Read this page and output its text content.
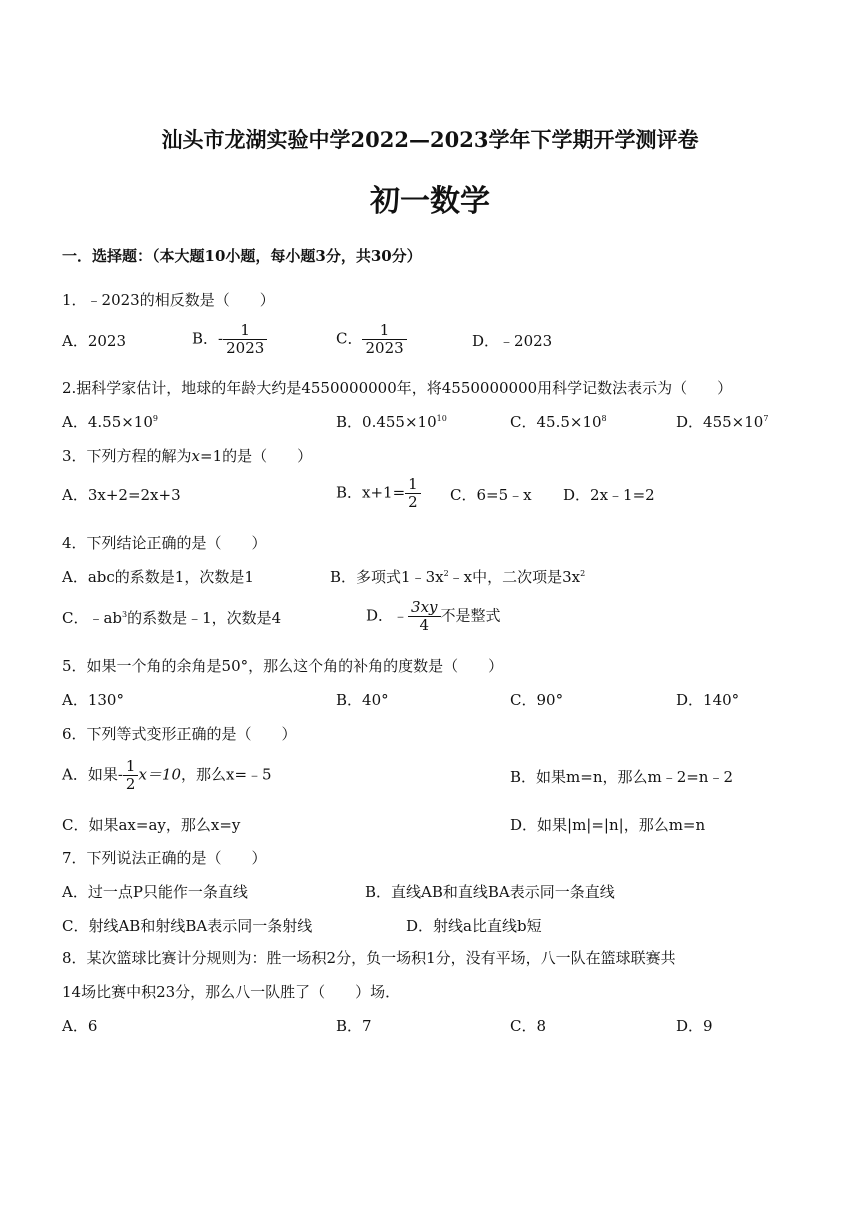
汕头市龙湖实验中学2022—2023学年下学期开学测评卷
初一数学
一．选择题：（本大题10小题，每小题3分，共30分）
1．﹣2023的相反数是（　　）
A．2023	B．- $\frac{1}{2023}$	C． $\frac{1}{2023}$	D．﹣2023
2.据科学家估计，地球的年龄大约是4550000000年，将4550000000用科学记数法表示为（　　）
A．$4.55\times 10^9$	B．$0.455\times 10^{10}$	C．$45.5\times 10^8$	D．$455\times 10^7$
3．下列方程的解为x=1的是（　　）
A．3x+2=2x+3	B．$x+1= \frac{1}{2}$ C．6=5﹣x D．2x﹣1=2
4．下列结论正确的是（　　）
A．abc的系数是1，次数是1	B．多项式$1﹣3x^2﹣x$中，二次项是$3x^2$
C．$﹣ab^3$的系数是﹣1，次数是4	D．﹣ $\frac{3xy}{4}$ 不是整式
5．如果一个角的余角是50°，那么这个角的补角的度数是（　　）
A．130°	B．40°	C．90°	D．140°
6．下列等式变形正确的是（　　）
A．如果- $\frac{1}{2} x=10$，那么x=﹣5	B．如果m=n，那么m﹣2=n﹣2
C．如果ax=ay，那么x=y	D．如果|m|=|n|，那么m=n
7．下列说法正确的是（　　）
A．过一点P只能作一条直线	B．直线AB和直线BA表示同一条直线
C．射线AB和射线BA表示同一条射线	D．射线a比直线b短
8．某次篮球比赛计分规则为：胜一场积2分，负一场积1分，没有平场，八一队在篮球联赛共
14场比赛中积23分，那么八一队胜了（　　）场．
A．6	B．7	C．8	D．9
